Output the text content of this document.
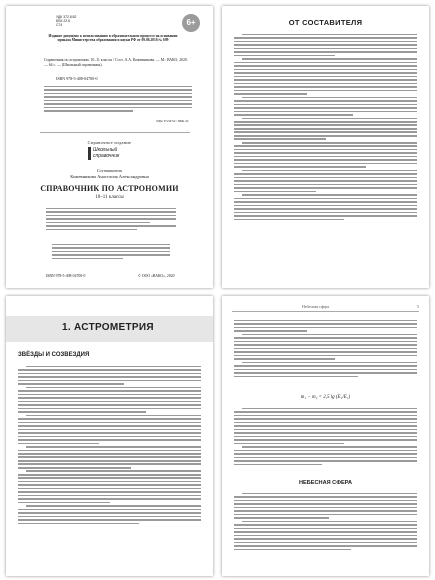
УДК 372.8:52
ББК 22.6
С74	6+
Издание допущено к использованию в образовательном процессе на основании приказа Министерства образования и науки РФ от 09.06.2016 № 699
Справочник по астрономии. 10–11 классы / Сост. А.А. Кожевникова. — М.: ВАКО, 2020. — 64 с. — (Школьный справочник).
ISBN 978-5-408-04700-0
УДК 372.8:52 / ББК 22
Справочное издание
Школьный справочник
Составитель
Кожевникова Анастасия Александровна
СПРАВОЧНИК ПО АСТРОНОМИИ
10–11 классы
ISBN 978-5-408-04700-0	© ООО «ВАКО», 2020
ОТ СОСТАВИТЕЛЯ
1. АСТРОМЕТРИЯ
ЗВЁЗДЫ И СОЗВЕЗДИЯ
Небесная сфера	5
m₁ − m₂ = 2,5 lg (E₂/E₁)
НЕБЕСНАЯ СФЕРА
